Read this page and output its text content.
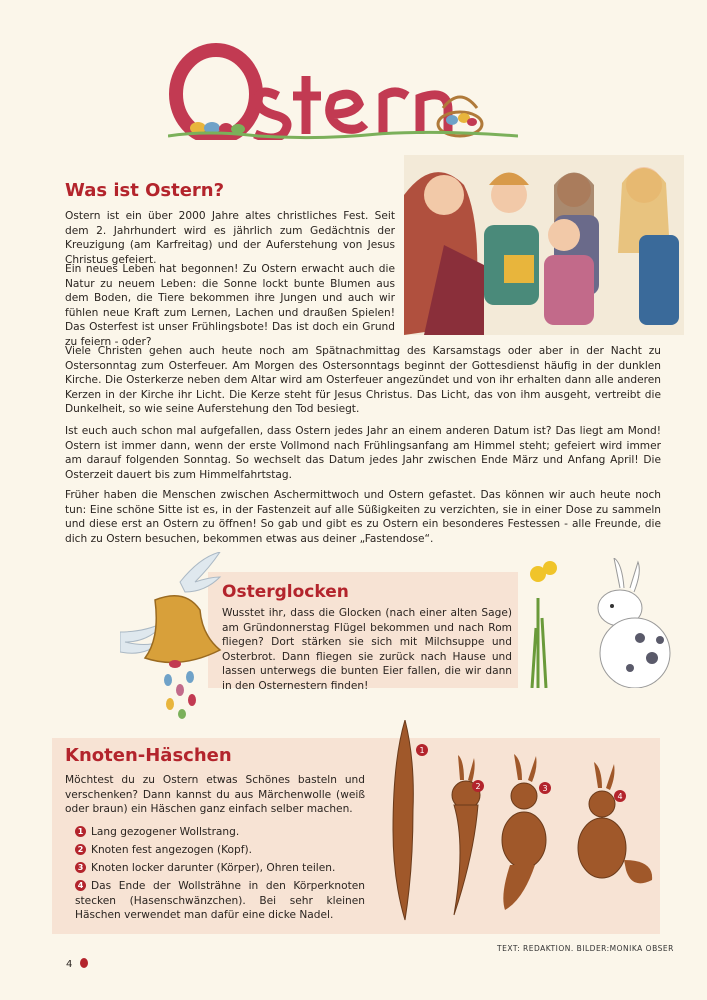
Was ist Ostern?

Ostern ist ein über 2000 Jahre altes christliches Fest. Seit dem 2. Jahrhundert wird es jährlich zum Gedächtnis der Kreuzigung (am Karfreitag) und der Auferstehung von Jesus Christus gefeiert.

Ein neues Leben hat begonnen! Zu Ostern erwacht auch die Natur zu neuem Leben: die Sonne lockt bunte Blumen aus dem Boden, die Tiere bekommen ihre Jungen und auch wir fühlen neue Kraft zum Lernen, Lachen und draußen Spielen! Das Osterfest ist unser Frühlingsbote! Das ist doch ein Grund zu feiern - oder?

Viele Christen gehen auch heute noch am Spätnachmittag des Karsamstags oder aber in der Nacht zu Ostersonntag zum Osterfeuer. Am Morgen des Ostersonntags beginnt der Gottesdienst häufig in der dunklen Kirche. Die Osterkerze neben dem Altar wird am Osterfeuer angezündet und von ihr erhalten dann alle anderen Kerzen in der Kirche ihr Licht. Die Kerze steht für Jesus Christus. Das Licht, das von ihm ausgeht, vertreibt die Dunkelheit, so wie seine Auferstehung den Tod besiegt.

Ist euch auch schon mal aufgefallen, dass Ostern jedes Jahr an einem anderen Datum ist? Das liegt am Mond! Ostern ist immer dann, wenn der erste Vollmond nach Frühlingsanfang am Himmel steht; gefeiert wird immer am darauf folgenden Sonntag. So wechselt das Datum jedes Jahr zwischen Ende März und Anfang April! Die Osterzeit dauert bis zum Himmelfahrtstag.

Früher haben die Menschen zwischen Aschermittwoch und Ostern gefastet. Das können wir auch heute noch tun: Eine schöne Sitte ist es, in der Fastenzeit auf alle Süßigkeiten zu verzichten, sie in einer Dose zu sammeln und diese erst an Ostern zu öffnen! So gab und gibt es zu Ostern ein besonderes Festessen - alle Freunde, die dich zu Ostern besuchen, bekommen etwas aus deiner „Fastendose“.

Osterglocken

Wusstet ihr, dass die Glocken (nach einer alten Sage) am Gründonnerstag Flügel bekommen und nach Rom fliegen? Dort stärken sie sich mit Milchsuppe und Osterbrot. Dann fliegen sie zurück nach Hause und lassen unterwegs die bunten Eier fallen, die wir dann in den Osternestern finden!

Knoten-Häschen

Möchtest du zu Ostern etwas Schönes basteln und verschenken? Dann kannst du aus Märchenwolle (weiß oder braun) ein Häschen ganz einfach selber machen.

1 Lang gezogener Wollstrang.
2 Knoten fest angezogen (Kopf).
3 Knoten locker darunter (Körper), Ohren teilen.
4 Das Ende der Wollsträhne in den Körperknoten stecken (Hasenschwänzchen). Bei sehr kleinen Häschen verwendet man dafür eine dicke Nadel.
1
2	3
4
TEXT: REDAKTION. BILDER:MONIKA OBSER
4
